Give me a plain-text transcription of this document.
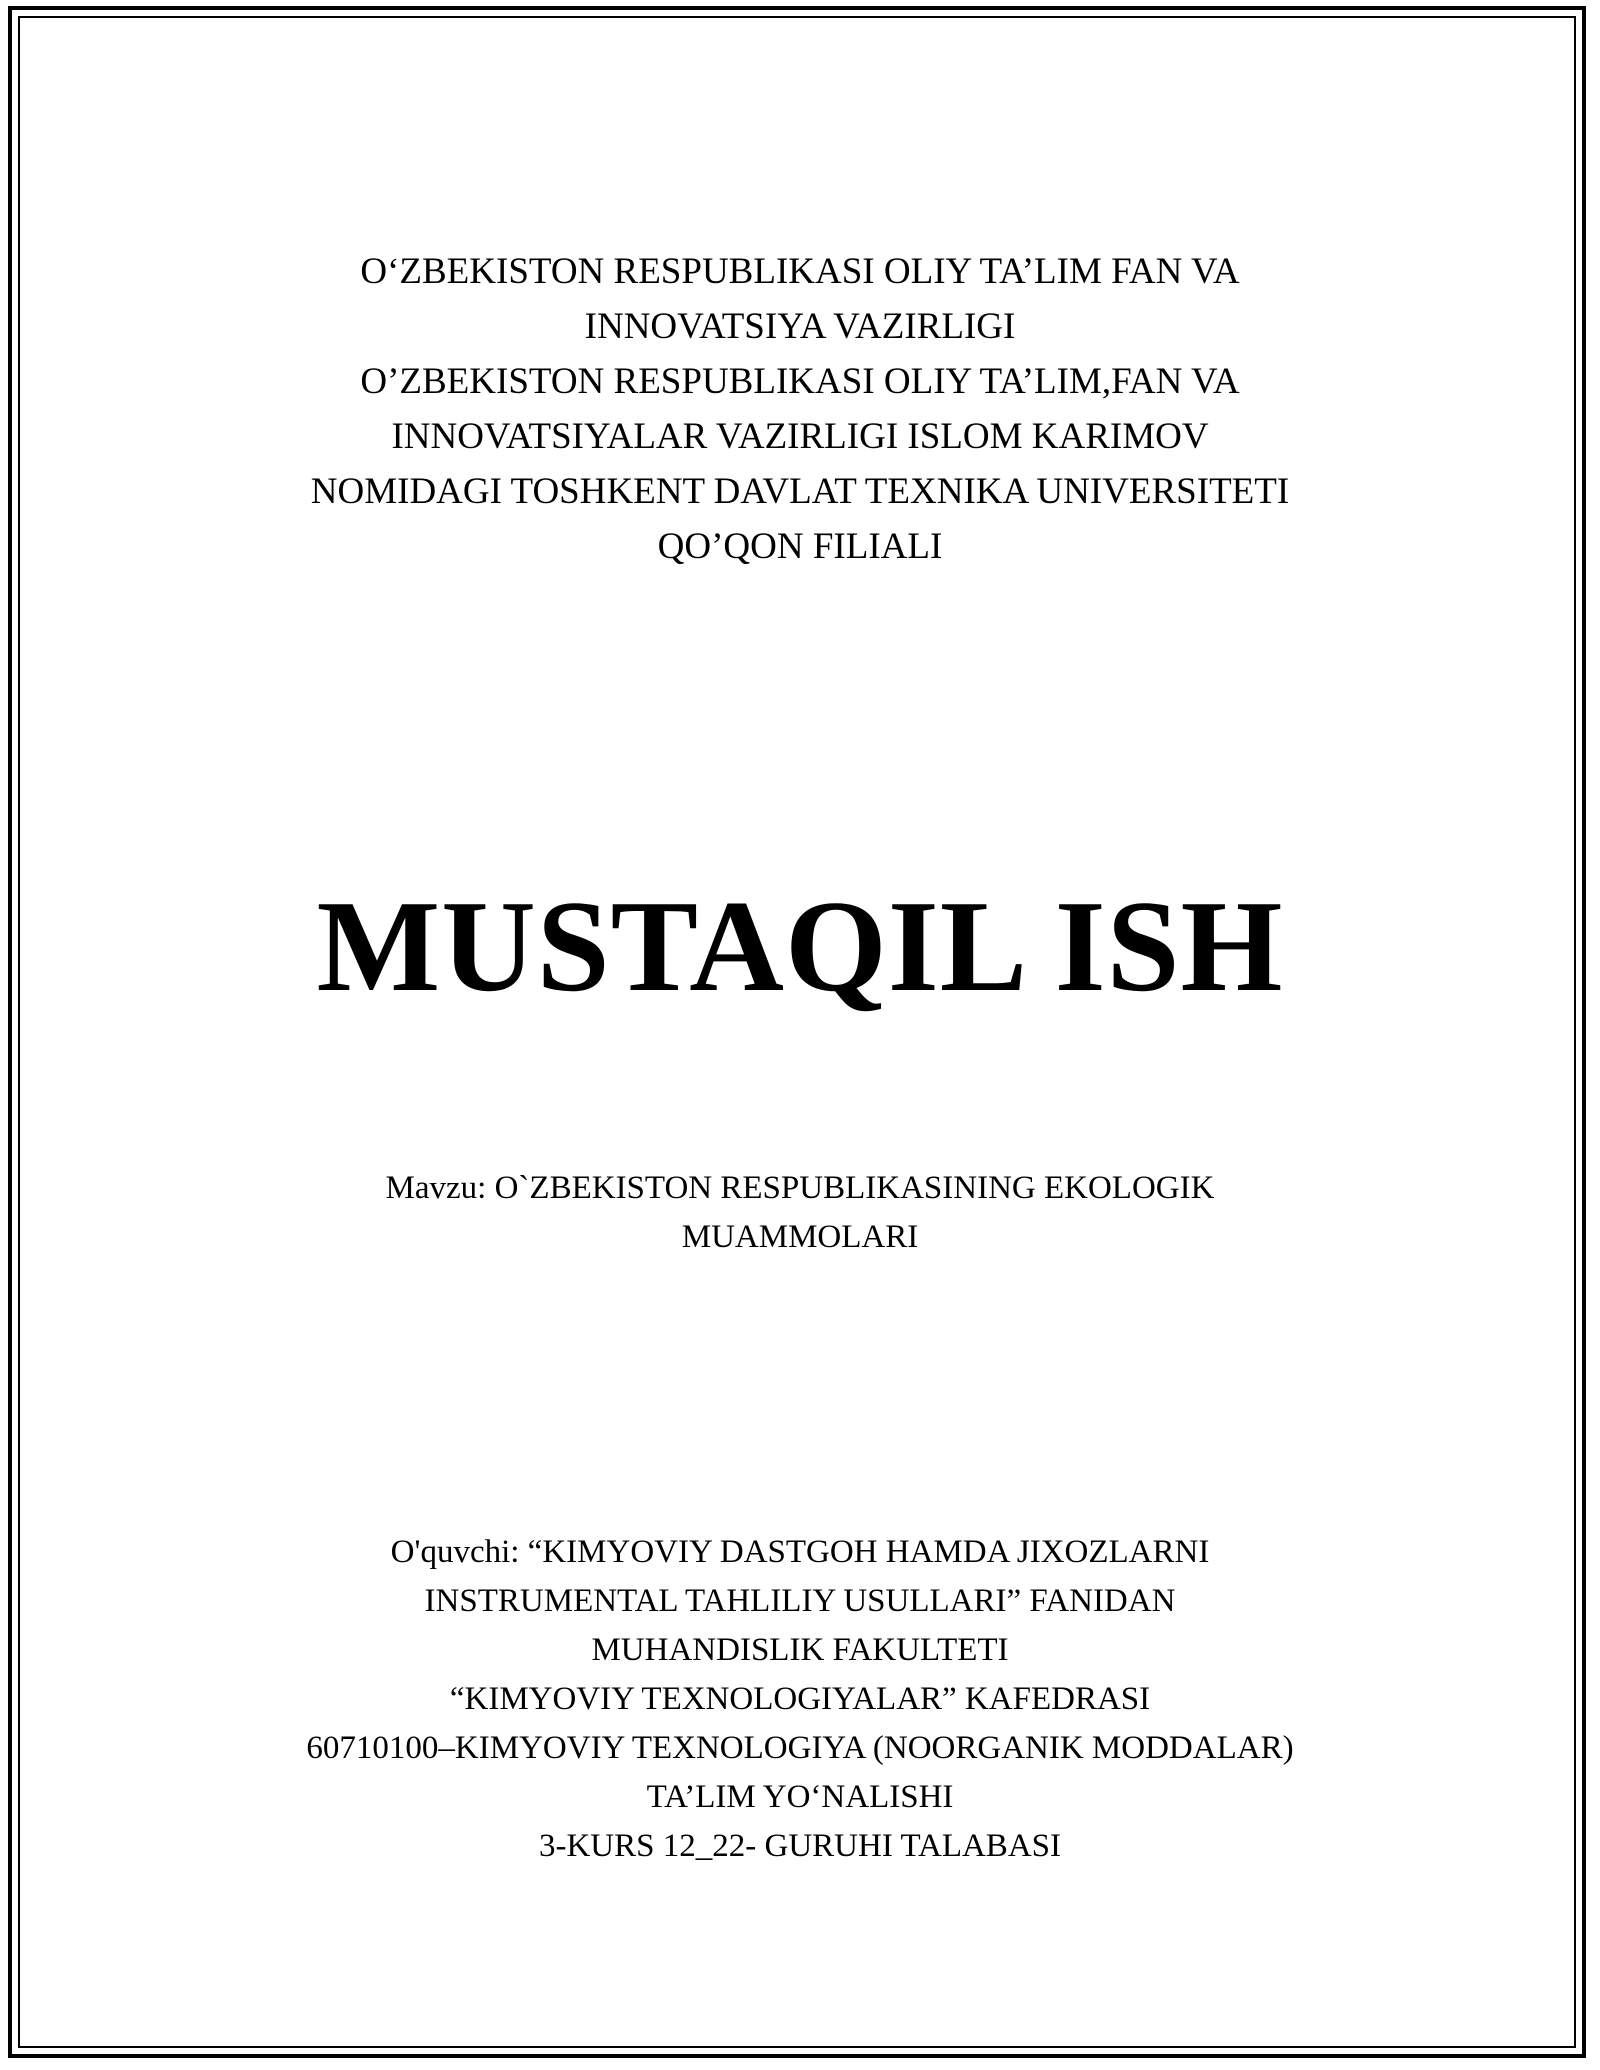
O‘ZBEKISTON RESPUBLIKASI OLIY TA’LIM FAN VA
INNOVATSIYA VAZIRLIGI
O’ZBEKISTON RESPUBLIKASI OLIY TA’LIM,FAN VA
INNOVATSIYALAR VAZIRLIGI ISLOM KARIMOV
NOMIDAGI TOSHKENT DAVLAT TEXNIKA UNIVERSITETI
QO’QON FILIALI
MUSTAQIL ISH
Mavzu: O`ZBEKISTON RESPUBLIKASINING EKOLOGIK
MUAMMOLARI
O'quvchi: “KIMYOVIY DASTGOH HAMDA JIXOZLARNI
INSTRUMENTAL TAHLILIY USULLARI” FANIDAN
MUHANDISLIK FAKULTETI
“KIMYOVIY TEXNOLOGIYALAR” KAFEDRASI
60710100–KIMYOVIY TEXNOLOGIYA (NOORGANIK MODDALAR)
TA’LIM YO‘NALISHI
3-KURS 12_22- GURUHI TALABASI
